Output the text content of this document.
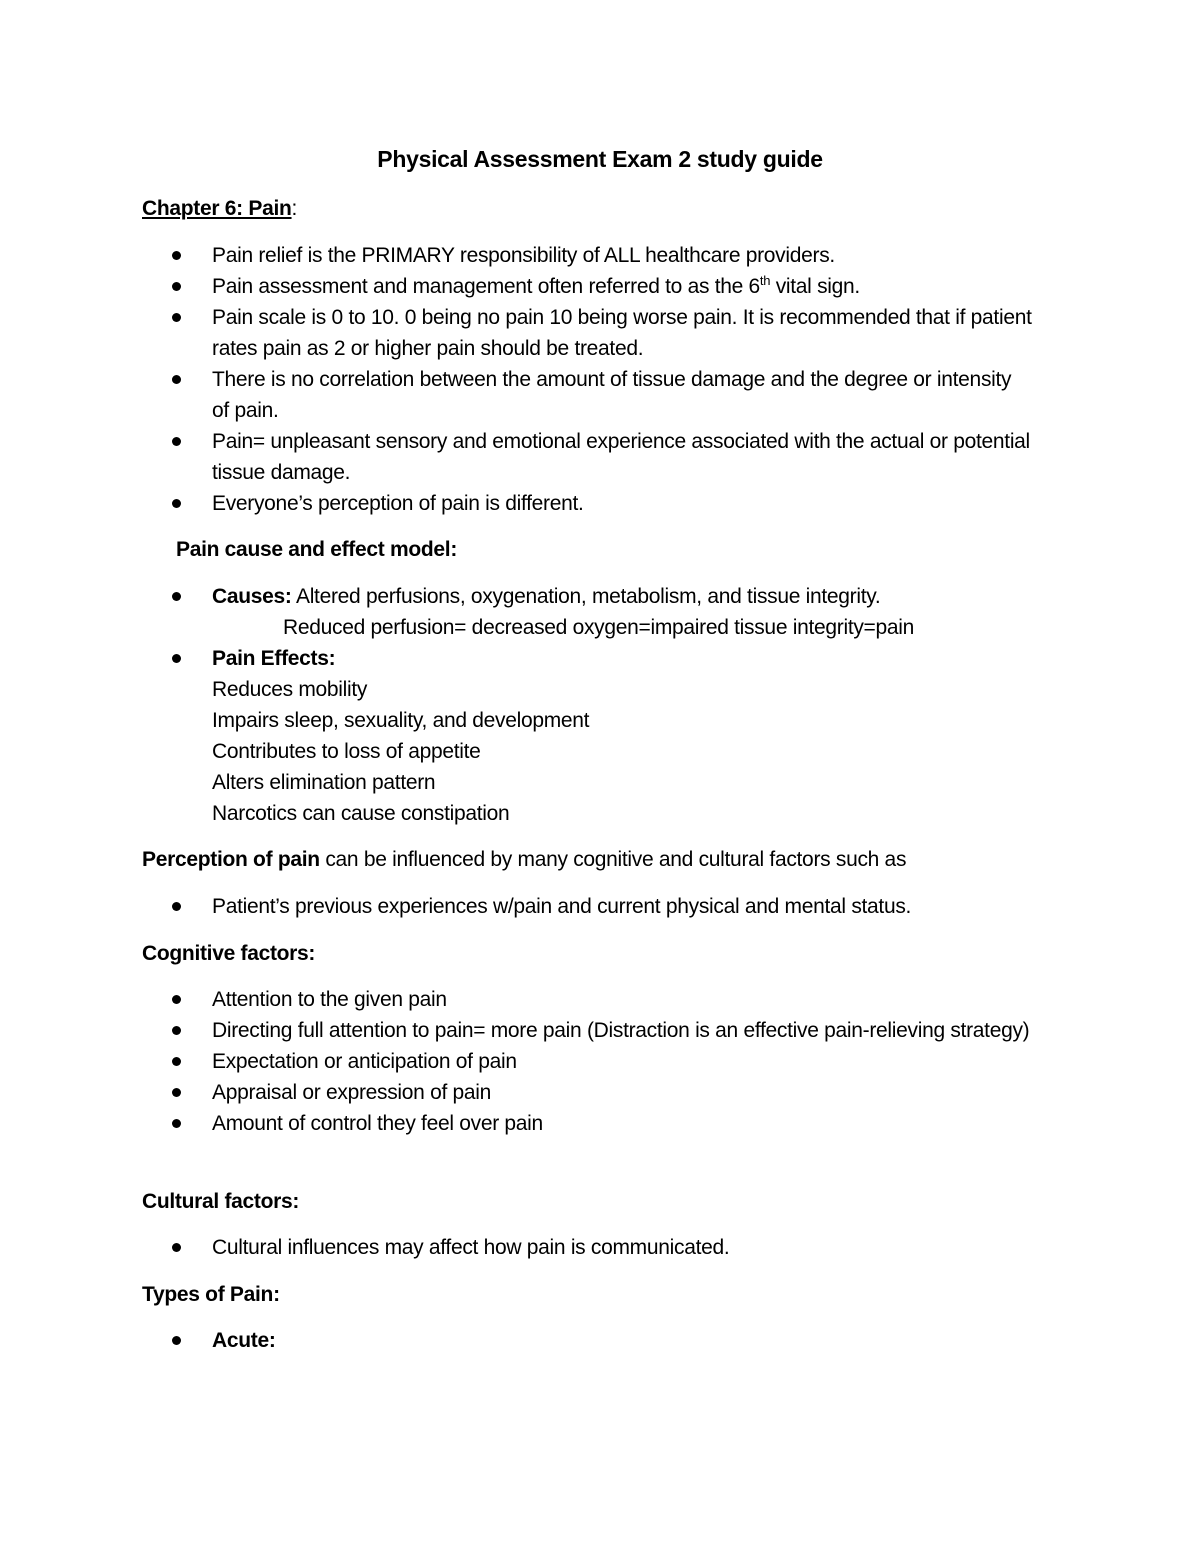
Physical Assessment Exam 2 study guide
Chapter 6: Pain:
Pain relief is the PRIMARY responsibility of ALL healthcare providers.
Pain assessment and management often referred to as the 6th vital sign.
Pain scale is 0 to 10. 0 being no pain 10 being worse pain. It is recommended that if patient rates pain as 2 or higher pain should be treated.
There is no correlation between the amount of tissue damage and the degree or intensity of pain.
Pain= unpleasant sensory and emotional experience associated with the actual or potential tissue damage.
Everyone’s perception of pain is different.
Pain cause and effect model:
Causes: Altered perfusions, oxygenation, metabolism, and tissue integrity.
Reduced perfusion= decreased oxygen=impaired tissue integrity=pain
Pain Effects:
Reduces mobility
Impairs sleep, sexuality, and development
Contributes to loss of appetite
Alters elimination pattern
Narcotics can cause constipation
Perception of pain can be influenced by many cognitive and cultural factors such as
Patient’s previous experiences w/pain and current physical and mental status.
Cognitive factors:
Attention to the given pain
Directing full attention to pain= more pain (Distraction is an effective pain-relieving strategy)
Expectation or anticipation of pain
Appraisal or expression of pain
Amount of control they feel over pain
Cultural factors:
Cultural influences may affect how pain is communicated.
Types of Pain:
Acute:
